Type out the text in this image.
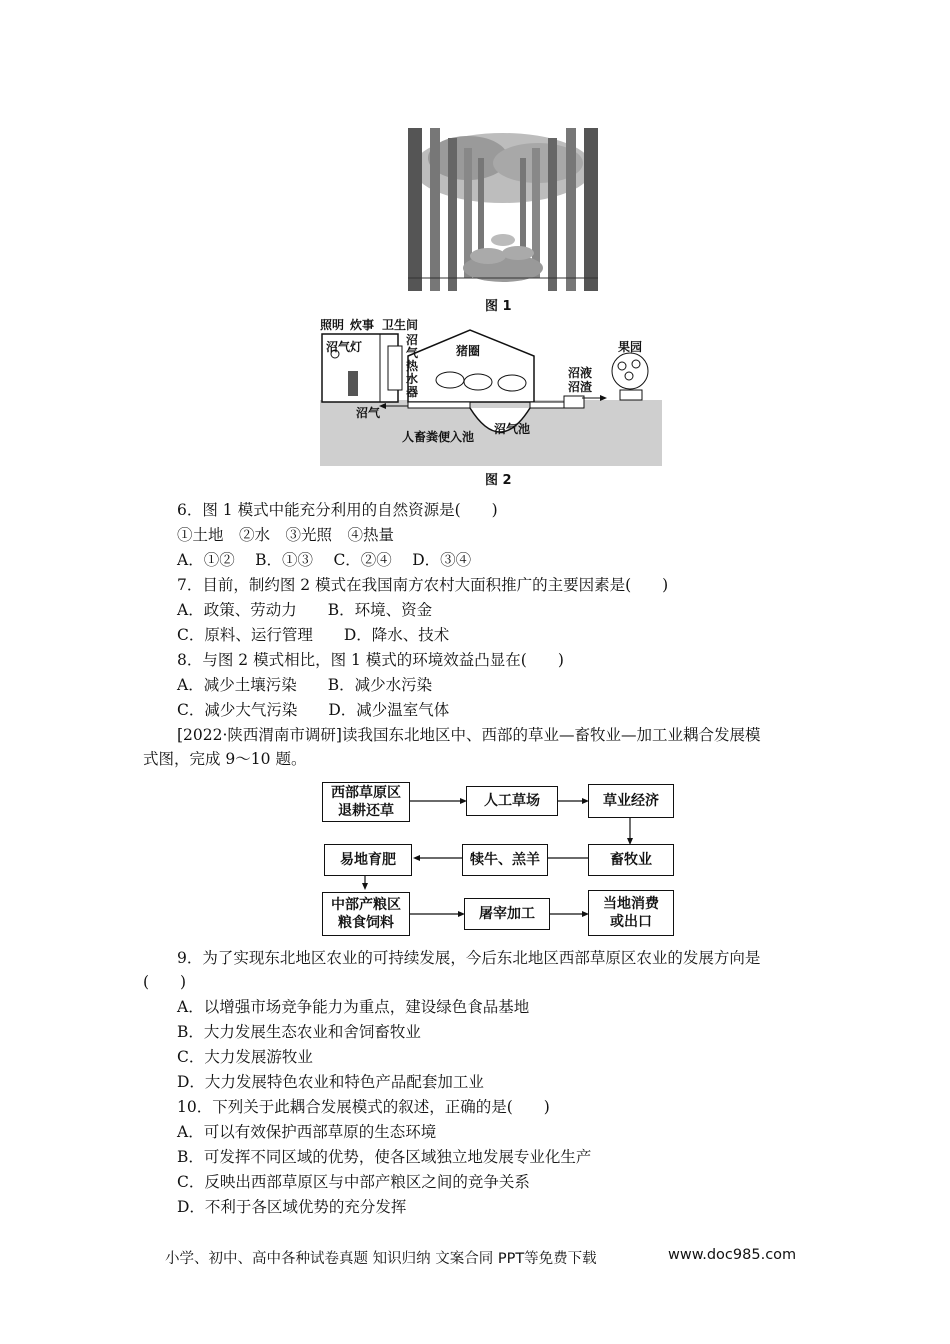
图 1
照明 炊事 卫生间
沼气灯	沼气热水器
猪圈	果园
沼液
沼渣
沼气
人畜粪便入池
沼气池
图 2
6．图 1 模式中能充分利用的自然资源是(　　)
①土地　②水　③光照　④热量
A．①②　 B．①③　 C．②④　 D．③④
7．目前，制约图 2 模式在我国南方农村大面积推广的主要因素是(　　)
A．政策、劳动力　　B．环境、资金
C．原料、运行管理　　D．降水、技术
8．与图 2 模式相比，图 1 模式的环境效益凸显在(　　)
A．减少土壤污染　　B．减少水污染
C．减少大气污染　　D．减少温室气体
[2022·陕西渭南市调研]读我国东北地区中、西部的草业—畜牧业—加工业耦合发展模
式图，完成 9～10 题。
西部草原区
退耕还草
人工草场	草业经济
畜牧业
犊牛、羔羊
易地育肥
中部产粮区
粮食饲料
屠宰加工
当地消费
或出口
9．为了实现东北地区农业的可持续发展，今后东北地区西部草原区农业的发展方向是
(　　)
A．以增强市场竞争能力为重点，建设绿色食品基地
B．大力发展生态农业和舍饲畜牧业
C．大力发展游牧业
D．大力发展特色农业和特色产品配套加工业
10．下列关于此耦合发展模式的叙述，正确的是(　　)
A．可以有效保护西部草原的生态环境
B．可发挥不同区域的优势，使各区域独立地发展专业化生产
C．反映出西部草原区与中部产粮区之间的竞争关系
D．不利于各区域优势的充分发挥
小学、初中、高中各种试卷真题 知识归纳 文案合同 PPT等免费下载	www.doc985.com
